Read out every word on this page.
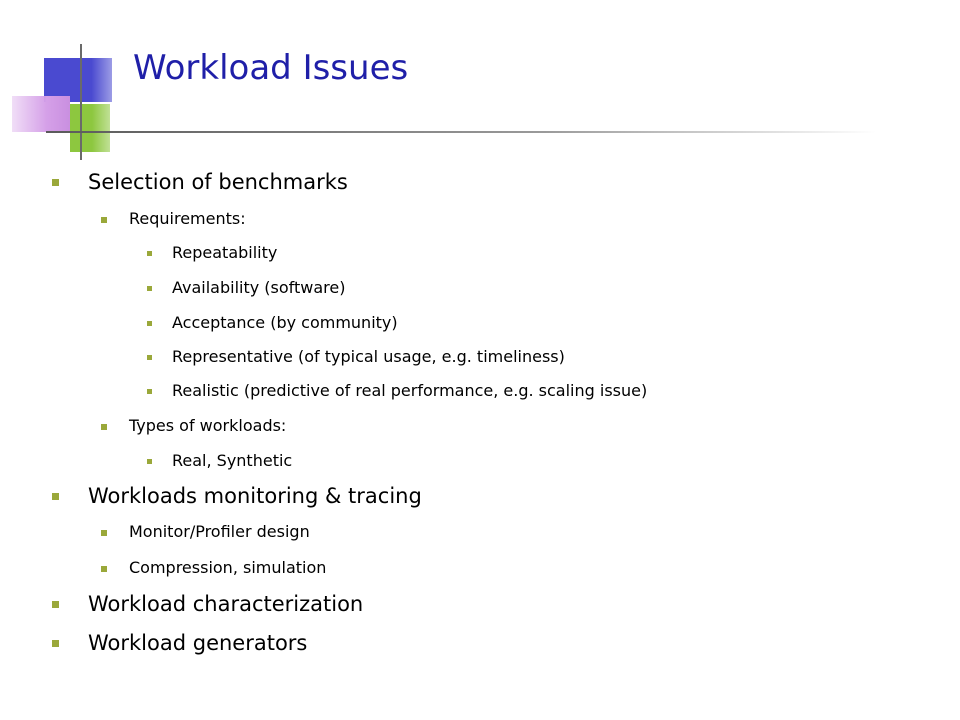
Workload Issues
Selection of benchmarks
Requirements:
Repeatability
Availability (software)
Acceptance (by community)
Representative (of typical usage, e.g. timeliness)
Realistic (predictive of real performance, e.g. scaling issue)
Types of workloads:
Real, Synthetic
Workloads monitoring & tracing
Monitor/Profiler design
Compression, simulation
Workload characterization
Workload generators
